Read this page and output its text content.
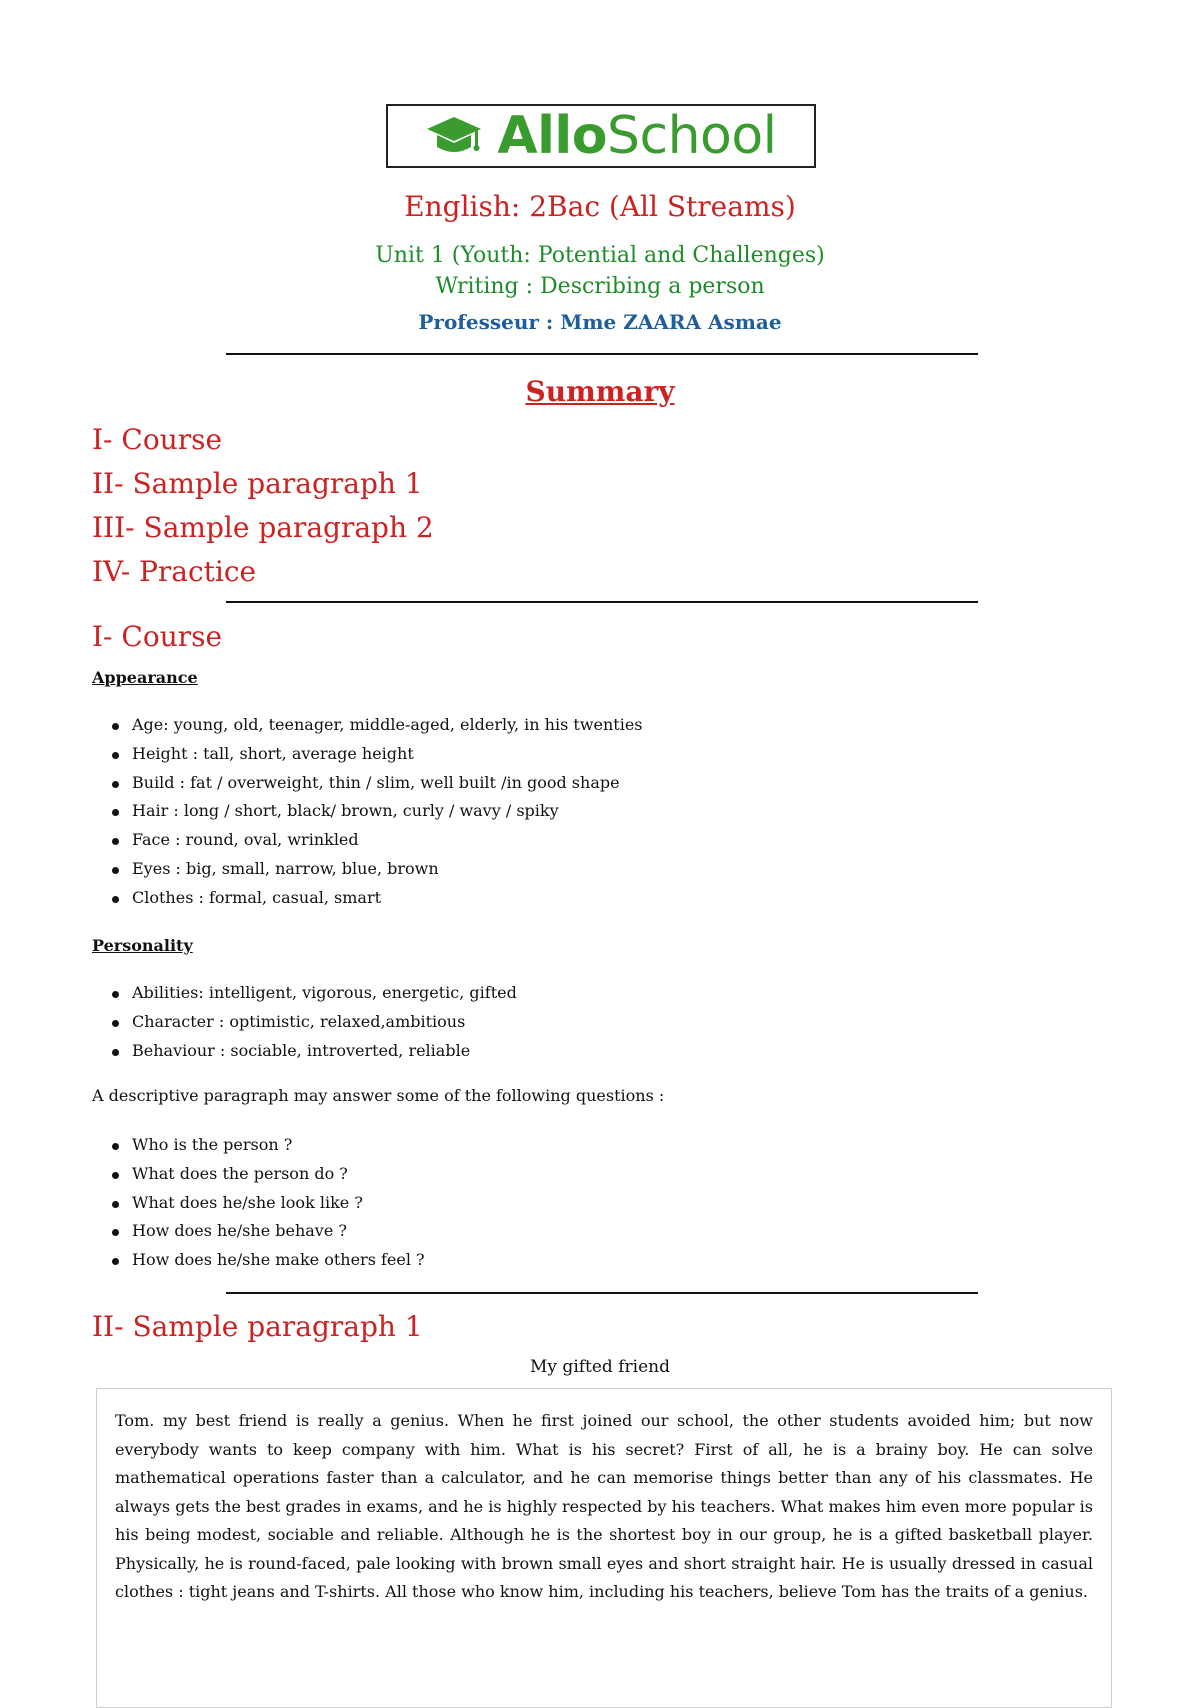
AlloSchool
English: 2Bac (All Streams)
Unit 1 (Youth: Potential and Challenges)
Writing : Describing a person
Professeur : Mme ZAARA Asmae
Summary
I- Course
II- Sample paragraph 1
III- Sample paragraph 2
IV- Practice
I- Course
Appearance
Age: young, old, teenager, middle-aged, elderly, in his twenties
Height : tall, short, average height
Build : fat / overweight, thin / slim, well built /in good shape
Hair : long / short, black/ brown, curly / wavy / spiky
Face : round, oval, wrinkled
Eyes : big, small, narrow, blue, brown
Clothes : formal, casual, smart
Personality
Abilities: intelligent, vigorous, energetic, gifted
Character : optimistic, relaxed,ambitious
Behaviour : sociable, introverted, reliable
A descriptive paragraph may answer some of the following questions :
Who is the person ?
What does the person do ?
What does he/she look like ?
How does he/she behave ?
How does he/she make others feel ?
II- Sample paragraph 1
My gifted friend
Tom. my best friend is really a genius. When he first joined our school, the other students avoided him; but now everybody wants to keep company with him. What is his secret? First of all, he is a brainy boy. He can solve mathematical operations faster than a calculator, and he can memorise things better than any of his classmates. He always gets the best grades in exams, and he is highly respected by his teachers. What makes him even more popular is his being modest, sociable and reliable. Although he is the shortest boy in our group, he is a gifted basketball player. Physically, he is round-faced, pale looking with brown small eyes and short straight hair. He is usually dressed in casual clothes : tight jeans and T-shirts. All those who know him, including his teachers, believe Tom has the traits of a genius.
